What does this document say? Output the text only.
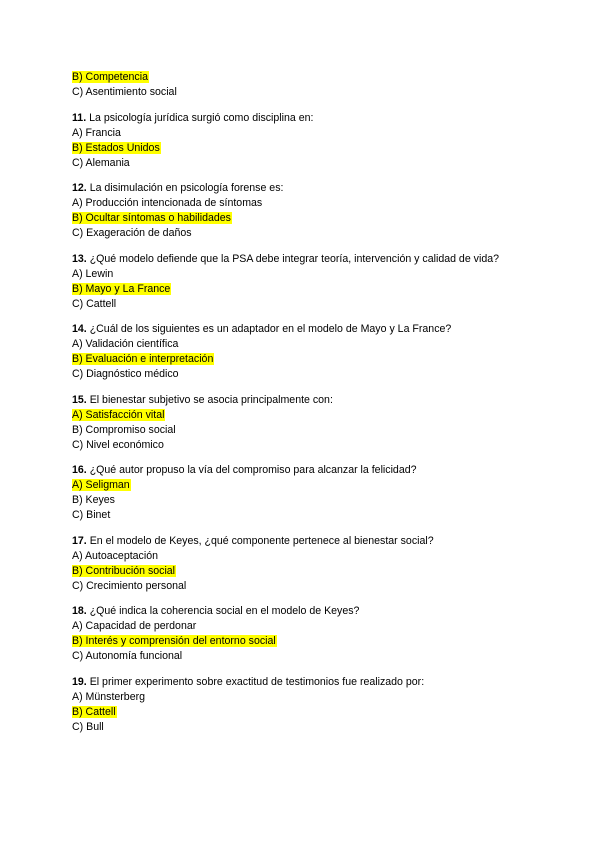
B) Competencia
C) Asentimiento social
11. La psicología jurídica surgió como disciplina en:
A) Francia
B) Estados Unidos
C) Alemania
12. La disimulación en psicología forense es:
A) Producción intencionada de síntomas
B) Ocultar síntomas o habilidades
C) Exageración de daños
13. ¿Qué modelo defiende que la PSA debe integrar teoría, intervención y calidad de vida?
A) Lewin
B) Mayo y La France
C) Cattell
14. ¿Cuál de los siguientes es un adaptador en el modelo de Mayo y La France?
A) Validación científica
B) Evaluación e interpretación
C) Diagnóstico médico
15. El bienestar subjetivo se asocia principalmente con:
A) Satisfacción vital
B) Compromiso social
C) Nivel económico
16. ¿Qué autor propuso la vía del compromiso para alcanzar la felicidad?
A) Seligman
B) Keyes
C) Binet
17. En el modelo de Keyes, ¿qué componente pertenece al bienestar social?
A) Autoaceptación
B) Contribución social
C) Crecimiento personal
18. ¿Qué indica la coherencia social en el modelo de Keyes?
A) Capacidad de perdonar
B) Interés y comprensión del entorno social
C) Autonomía funcional
19. El primer experimento sobre exactitud de testimonios fue realizado por:
A) Münsterberg
B) Cattell
C) Bull
